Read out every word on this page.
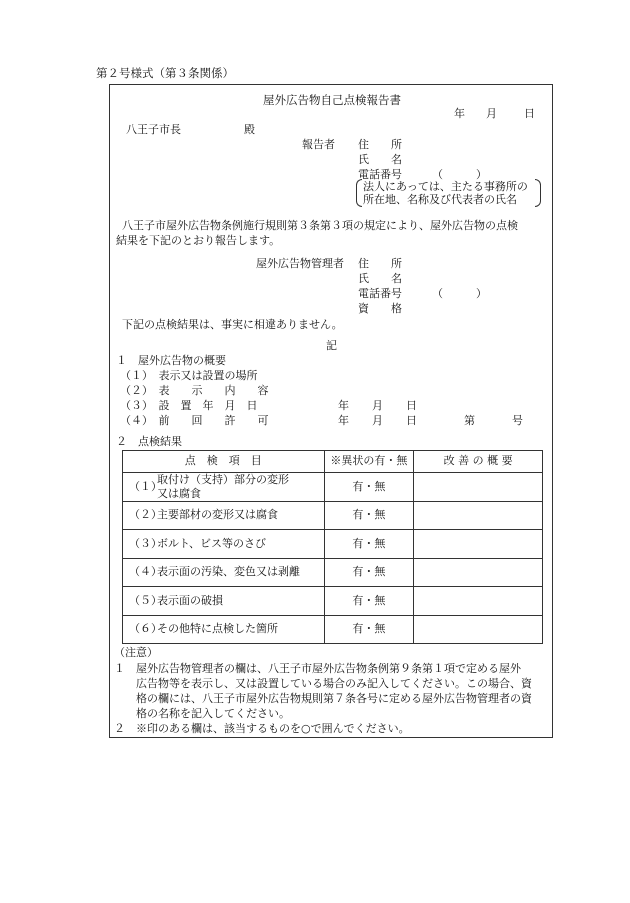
第２号様式（第３条関係）
屋外広告物自己点検報告書
年 月 日
八王子市長	殿
報告者 住　　所
氏　　名
電話番号	（　　　）
法人にあっては、主たる事務所の
所在地、名称及び代表者の氏名
八王子市屋外広告物条例施行規則第３条第３項の規定により、屋外広告物の点検
結果を下記のとおり報告します。
屋外広告物管理者 住　　所
氏　　名
電話番号	（　　　）
資　　格
下記の点検結果は、事実に相違ありません。
記
１　屋外広告物の概要
（１）　表示又は設置の場所
（２）　表　　示　　内　　容
（３）　設　置　年　月　日	年 月 日
（４）　前　　回　　許　　可	年 月 日	第	号
２　点検結果
点　検　項　目	※異状の有・無	改 善 の 概 要
（１）取付け（支持）部分の変形
又は腐食	有・無	
（２）主要部材の変形又は腐食	有・無	
（３）ボルト、ビス等のさび	有・無	
（４）表示面の汚染、変色又は剥離	有・無	
（５）表示面の破損	有・無	
（６）その他特に点検した箇所	有・無	
（注意）
１　屋外広告物管理者の欄は、八王子市屋外広告物条例第９条第１項で定める屋外
　　広告物等を表示し、又は設置している場合のみ記入してください。この場合、資
　　格の欄には、八王子市屋外広告物規則第７条各号に定める屋外広告物管理者の資
　　格の名称を記入してください。
２　※印のある欄は、該当するものを○で囲んでください。
